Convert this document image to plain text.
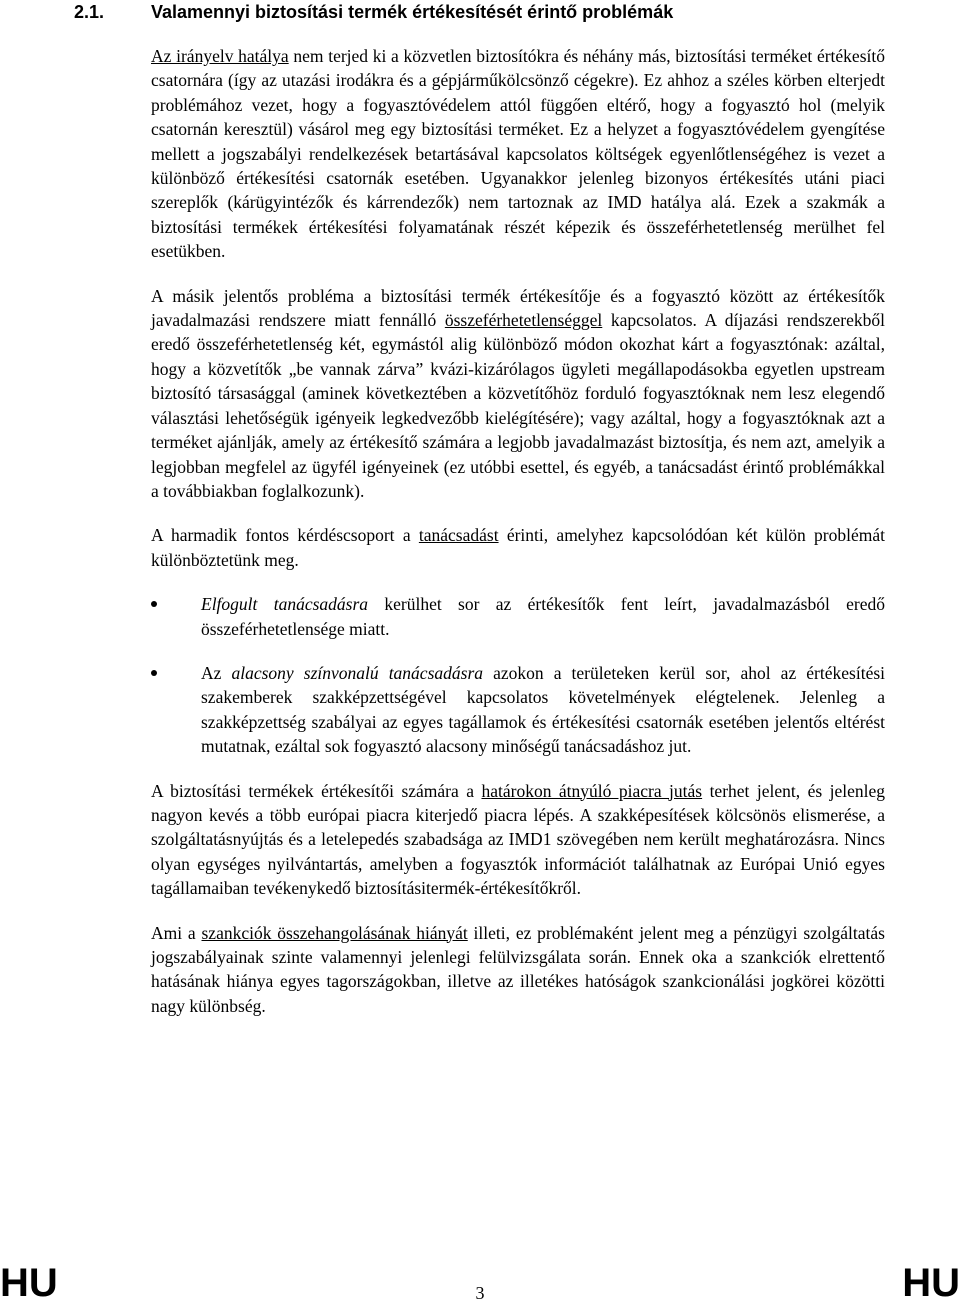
2.1.	Valamennyi biztosítási termék értékesítését érintő problémák

Az irányelv hatálya nem terjed ki a közvetlen biztosítókra és néhány más, biztosítási terméket értékesítő csatornára (így az utazási irodákra és a gépjárműkölcsönző cégekre). Ez ahhoz a széles körben elterjedt problémához vezet, hogy a fogyasztóvédelem attól függően eltérő, hogy a fogyasztó hol (melyik csatornán keresztül) vásárol meg egy biztosítási terméket. Ez a helyzet a fogyasztóvédelem gyengítése mellett a jogszabályi rendelkezések betartásával kapcsolatos költségek egyenlőtlenségéhez is vezet a különböző értékesítési csatornák esetében. Ugyanakkor jelenleg bizonyos értékesítés utáni piaci szereplők (kárügyintézők és kárrendezők) nem tartoznak az IMD hatálya alá. Ezek a szakmák a biztosítási termékek értékesítési folyamatának részét képezik és összeférhetetlenség merülhet fel esetükben.

A másik jelentős probléma a biztosítási termék értékesítője és a fogyasztó között az értékesítők javadalmazási rendszere miatt fennálló összeférhetetlenséggel kapcsolatos. A díjazási rendszerekből eredő összeférhetetlenség két, egymástól alig különböző módon okozhat kárt a fogyasztónak: azáltal, hogy a közvetítők „be vannak zárva” kvázi-kizárólagos ügyleti megállapodásokba egyetlen upstream biztosító társasággal (aminek következtében a közvetítőhöz forduló fogyasztóknak nem lesz elegendő választási lehetőségük igényeik legkedvezőbb kielégítésére); vagy azáltal, hogy a fogyasztóknak azt a terméket ajánlják, amely az értékesítő számára a legjobb javadalmazást biztosítja, és nem azt, amelyik a legjobban megfelel az ügyfél igényeinek (ez utóbbi esettel, és egyéb, a tanácsadást érintő problémákkal a továbbiakban foglalkozunk).

A harmadik fontos kérdéscsoport a tanácsadást érinti, amelyhez kapcsolódóan két külön problémát különböztetünk meg.

Elfogult tanácsadásra kerülhet sor az értékesítők fent leírt, javadalmazásból eredő összeférhetetlensége miatt.

Az alacsony színvonalú tanácsadásra azokon a területeken kerül sor, ahol az értékesítési szakemberek szakképzettségével kapcsolatos követelmények elégtelenek. Jelenleg a szakképzettség szabályai az egyes tagállamok és értékesítési csatornák esetében jelentős eltérést mutatnak, ezáltal sok fogyasztó alacsony minőségű tanácsadáshoz jut.

A biztosítási termékek értékesítői számára a határokon átnyúló piacra jutás terhet jelent, és jelenleg nagyon kevés a több európai piacra kiterjedő piacra lépés. A szakképesítések kölcsönös elismerése, a szolgáltatásnyújtás és a letelepedés szabadsága az IMD1 szövegében nem került meghatározásra. Nincs olyan egységes nyilvántartás, amelyben a fogyasztók információt találhatnak az Európai Unió egyes tagállamaiban tevékenykedő biztosításitermék-értékesítőkről.

Ami a szankciók összehangolásának hiányát illeti, ez problémaként jelent meg a pénzügyi szolgáltatás jogszabályainak szinte valamennyi jelenlegi felülvizsgálata során. Ennek oka a szankciók elrettentő hatásának hiánya egyes tagországokban, illetve az illetékes hatóságok szankcionálási jogkörei közötti nagy különbség.

HU	3	HU
